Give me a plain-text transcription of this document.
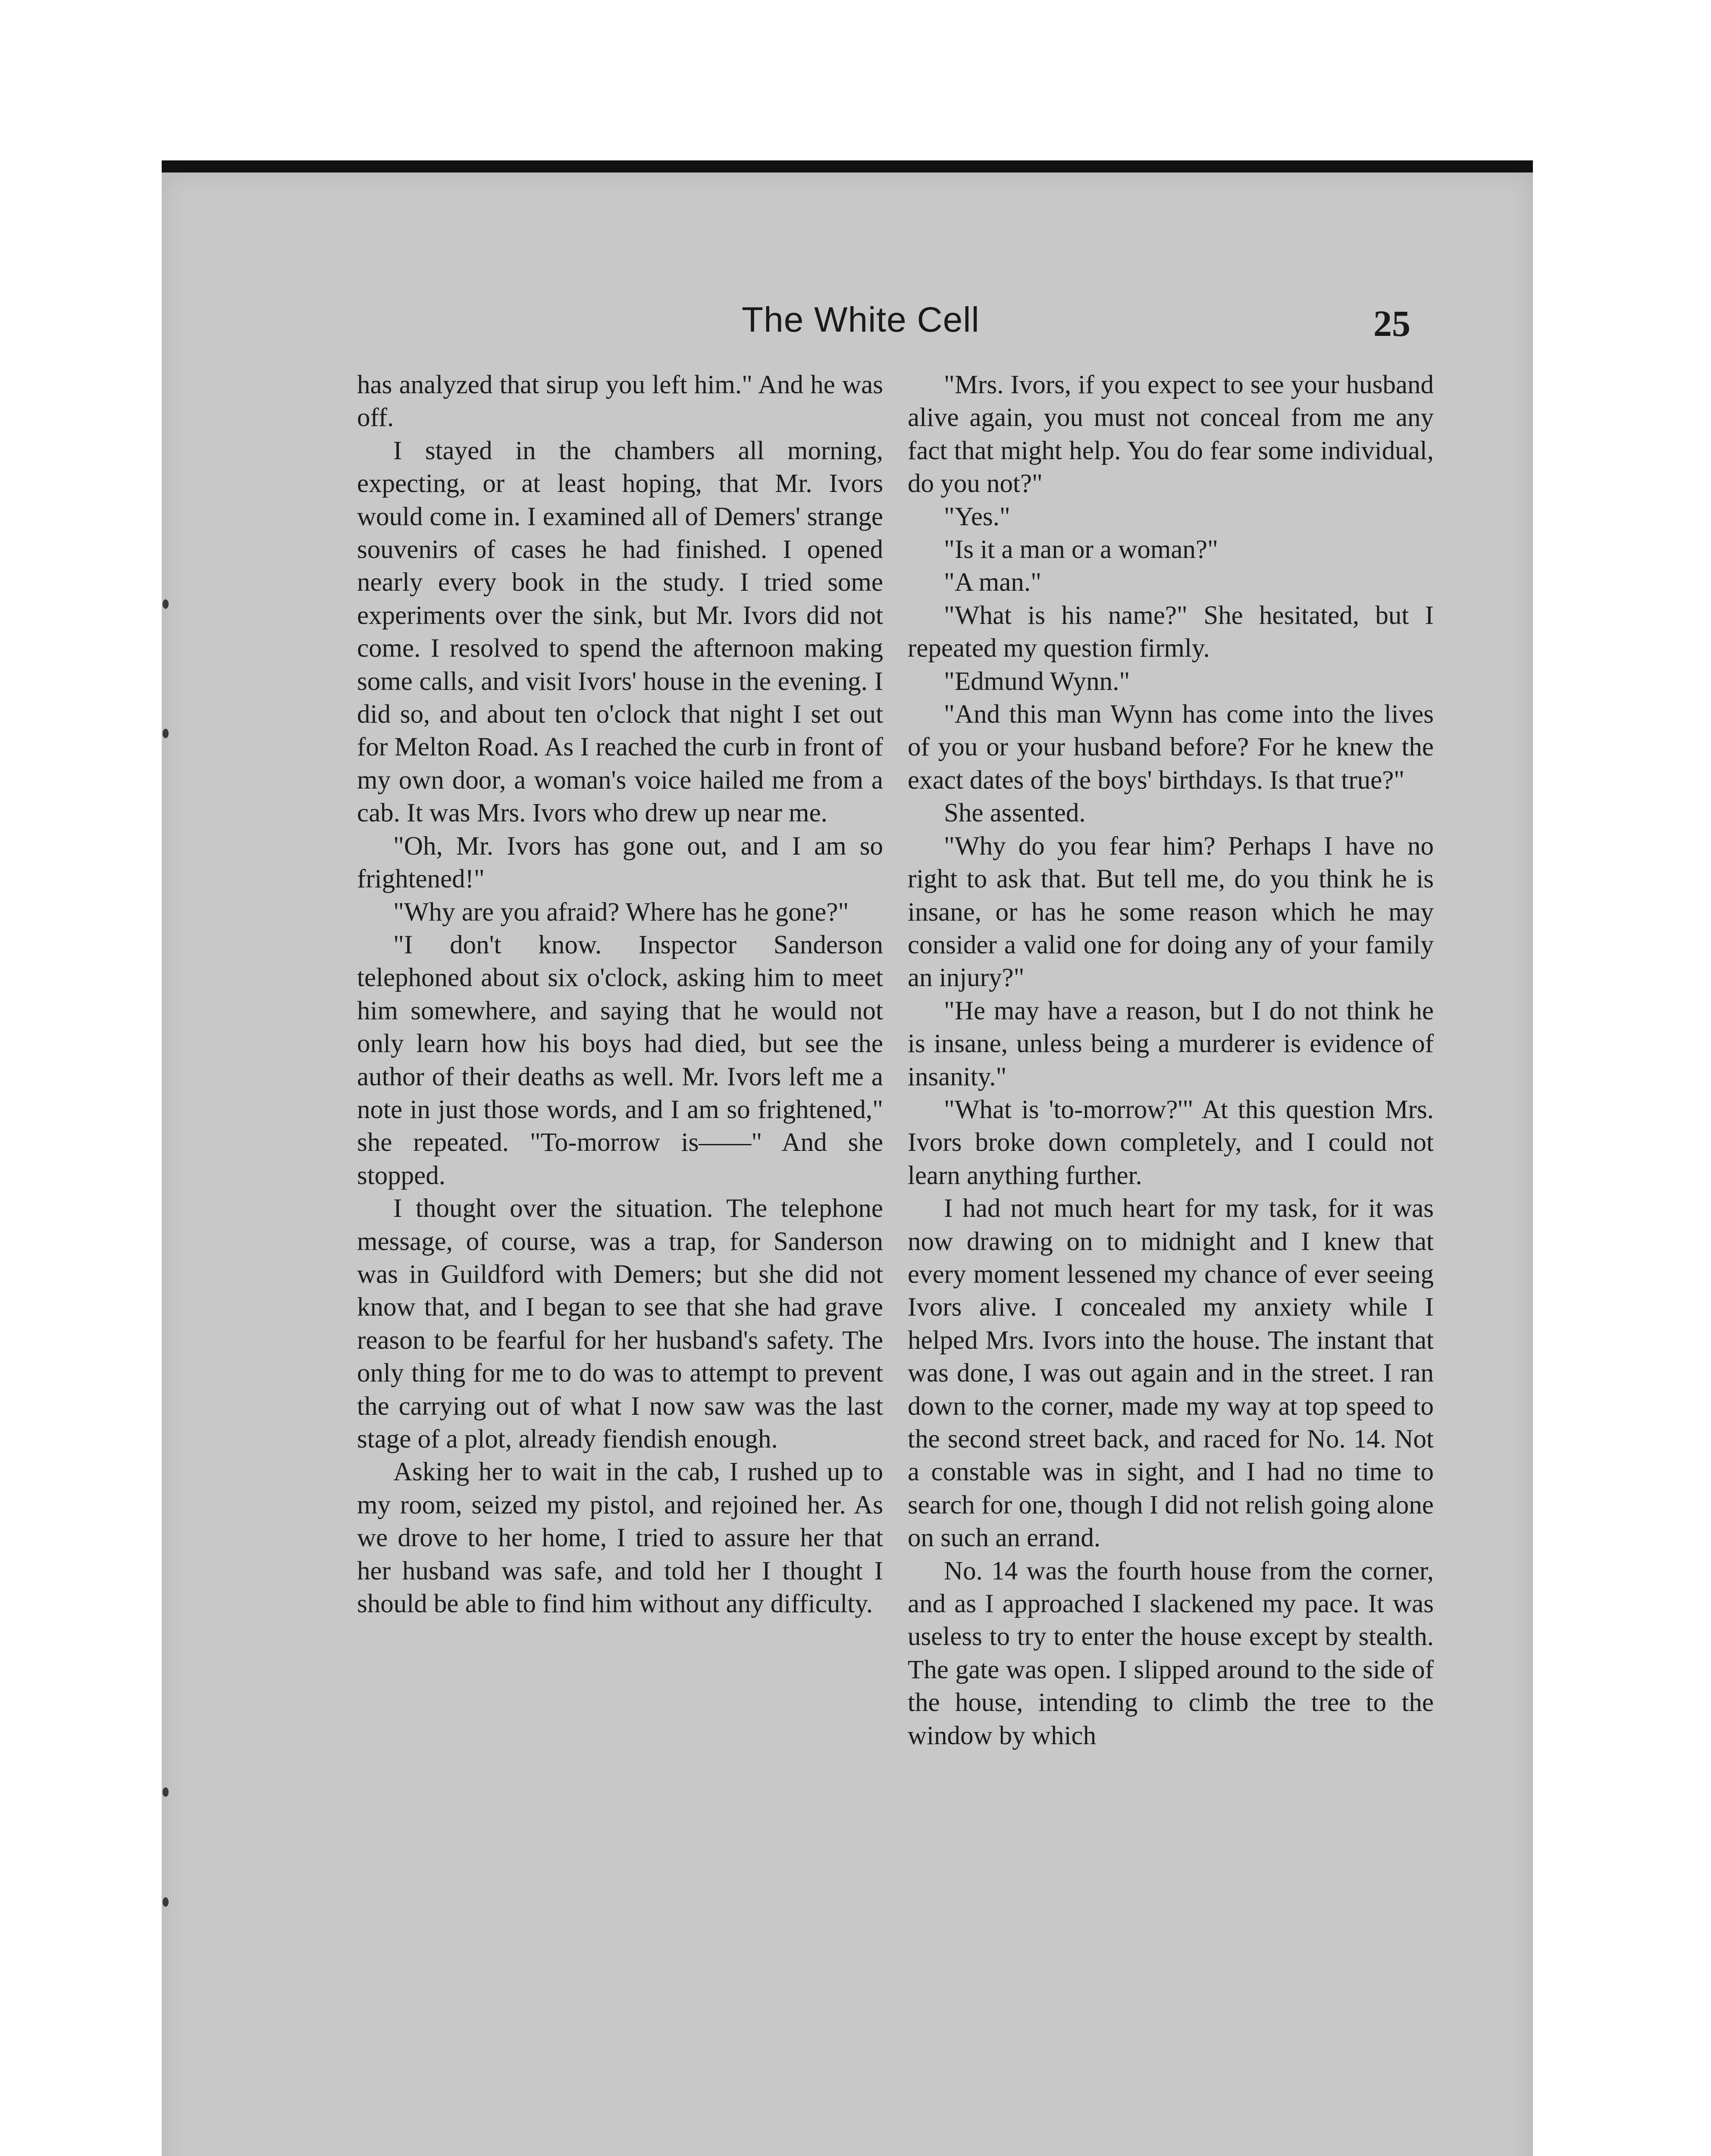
The White Cell	25

has analyzed that sirup you left him." And he was off.

I stayed in the chambers all morning, expecting, or at least hoping, that Mr. Ivors would come in. I examined all of Demers' strange souvenirs of cases he had finished. I opened nearly every book in the study. I tried some experiments over the sink, but Mr. Ivors did not come. I resolved to spend the afternoon making some calls, and visit Ivors' house in the evening. I did so, and about ten o'clock that night I set out for Melton Road. As I reached the curb in front of my own door, a woman's voice hailed me from a cab. It was Mrs. Ivors who drew up near me.

"Oh, Mr. Ivors has gone out, and I am so frightened!"

"Why are you afraid? Where has he gone?"

"I don't know. Inspector Sanderson telephoned about six o'clock, asking him to meet him somewhere, and saying that he would not only learn how his boys had died, but see the author of their deaths as well. Mr. Ivors left me a note in just those words, and I am so frightened," she repeated. "To-morrow is——" And she stopped.

I thought over the situation. The telephone message, of course, was a trap, for Sanderson was in Guildford with Demers; but she did not know that, and I began to see that she had grave reason to be fearful for her husband's safety. The only thing for me to do was to attempt to prevent the carrying out of what I now saw was the last stage of a plot, already fiendish enough.

Asking her to wait in the cab, I rushed up to my room, seized my pistol, and rejoined her. As we drove to her home, I tried to assure her that her husband was safe, and told her I thought I should be able to find him without any difficulty.

"Mrs. Ivors, if you expect to see your husband alive again, you must not conceal from me any fact that might help. You do fear some individual, do you not?"

"Yes."

"Is it a man or a woman?"

"A man."

"What is his name?" She hesitated, but I repeated my question firmly.

"Edmund Wynn."

"And this man Wynn has come into the lives of you or your husband before? For he knew the exact dates of the boys' birthdays. Is that true?"

She assented.

"Why do you fear him? Perhaps I have no right to ask that. But tell me, do you think he is insane, or has he some reason which he may consider a valid one for doing any of your family an injury?"

"He may have a reason, but I do not think he is insane, unless being a murderer is evidence of insanity."

"What is 'to-morrow?'" At this question Mrs. Ivors broke down completely, and I could not learn anything further.

I had not much heart for my task, for it was now drawing on to midnight and I knew that every moment lessened my chance of ever seeing Ivors alive. I concealed my anxiety while I helped Mrs. Ivors into the house. The instant that was done, I was out again and in the street. I ran down to the corner, made my way at top speed to the second street back, and raced for No. 14. Not a constable was in sight, and I had no time to search for one, though I did not relish going alone on such an errand.

No. 14 was the fourth house from the corner, and as I approached I slackened my pace. It was useless to try to enter the house except by stealth. The gate was open. I slipped around to the side of the house, intending to climb the tree to the window by which
